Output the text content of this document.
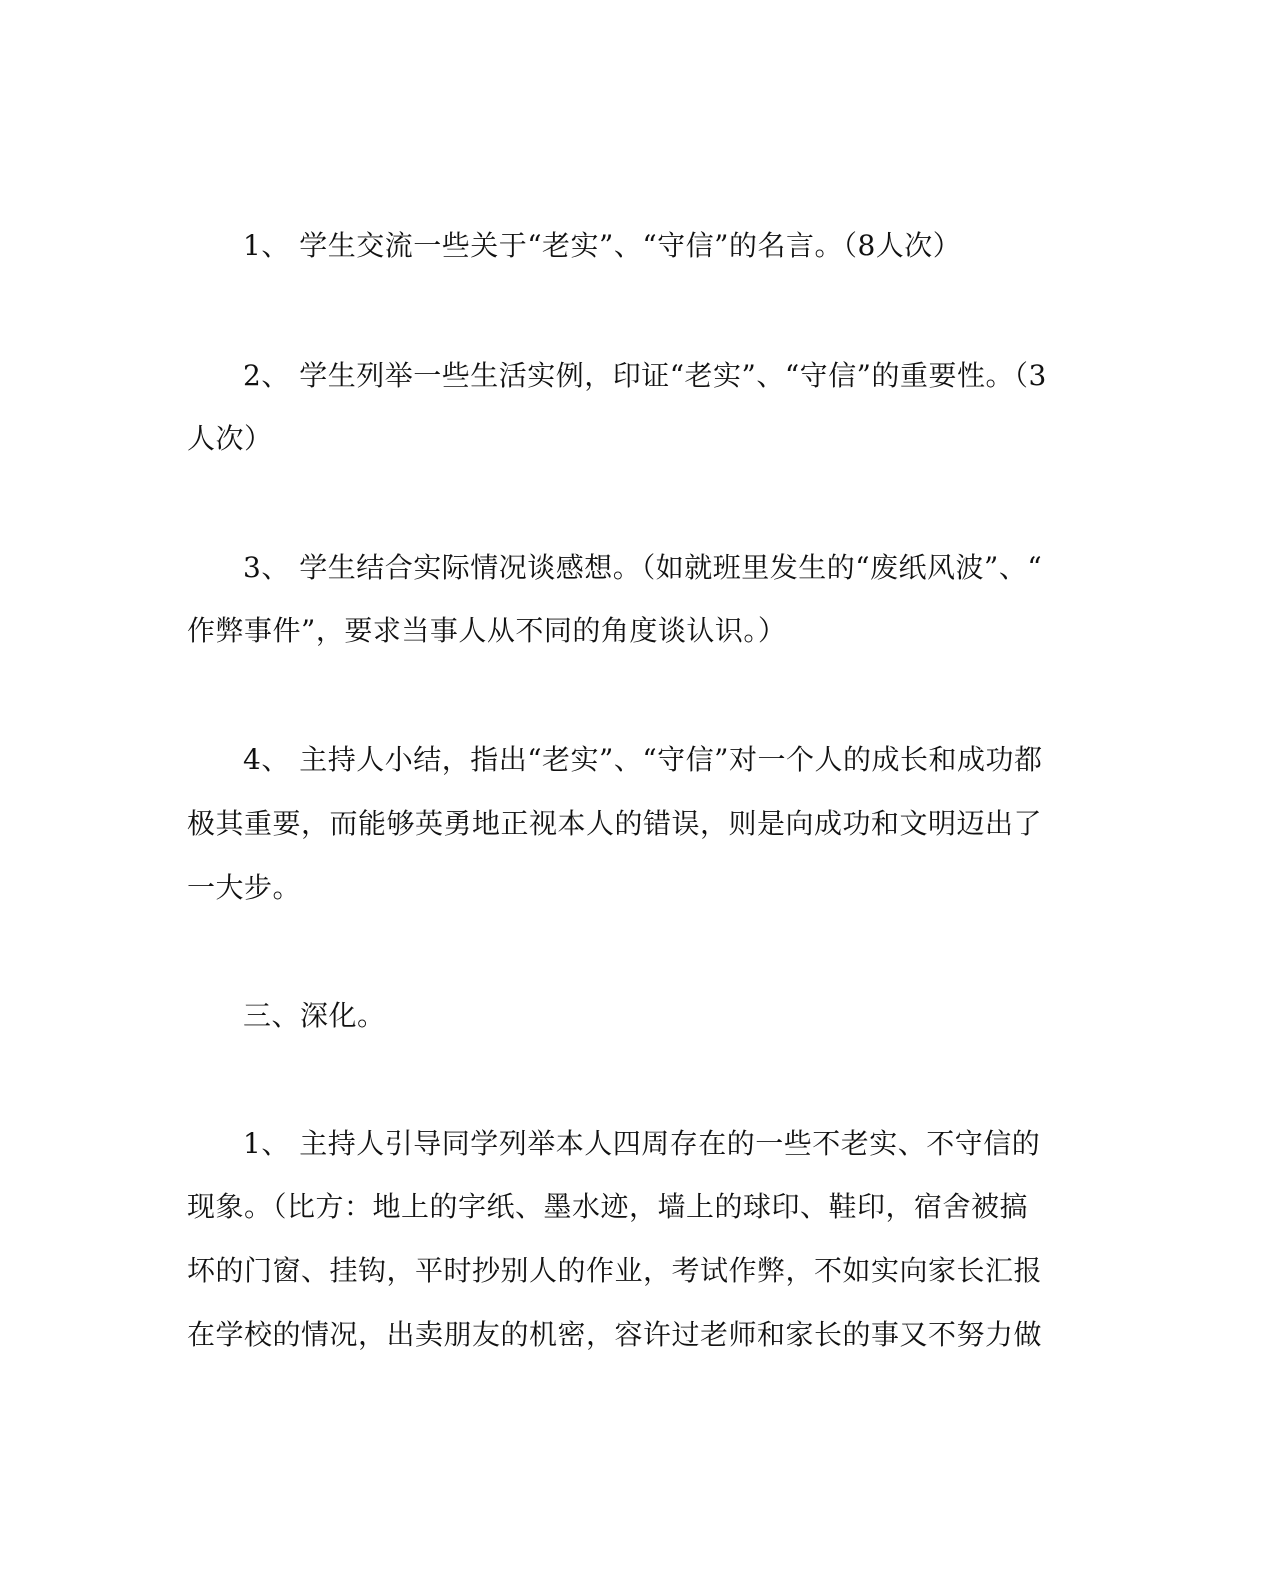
1、 学生交流一些关于“老实”、“守信”的名言。（8人次）
2、 学生列举一些生活实例，印证“老实”、“守信”的重要性。（3
人次）
3、 学生结合实际情况谈感想。（如就班里发生的“废纸风波”、“
作弊事件”，要求当事人从不同的角度谈认识。）
4、 主持人小结，指出“老实”、“守信”对一个人的成长和成功都
极其重要，而能够英勇地正视本人的错误，则是向成功和文明迈出了
一大步。
三、深化。
1、 主持人引导同学列举本人四周存在的一些不老实、不守信的
现象。（比方：地上的字纸、墨水迹，墙上的球印、鞋印，宿舍被搞
坏的门窗、挂钩，平时抄别人的作业，考试作弊，不如实向家长汇报
在学校的情况，出卖朋友的机密，容许过老师和家长的事又不努力做
